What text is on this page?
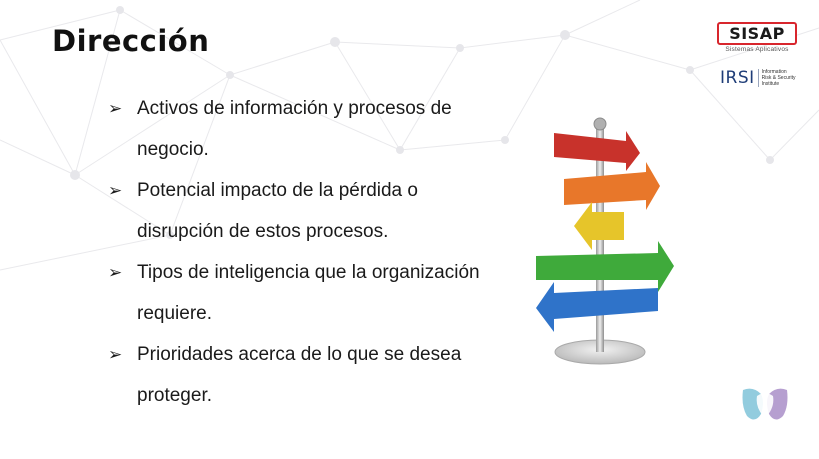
Dirección
➢ Activos de información y procesos de negocio.
➢ Potencial impacto de la pérdida o disrupción de estos procesos.
➢ Tipos de inteligencia que la organización requiere.
➢ Prioridades acerca de lo que se desea proteger.
SISAP
Sistemas Aplicativos
IRSI Information
Risk & Security
Institute
